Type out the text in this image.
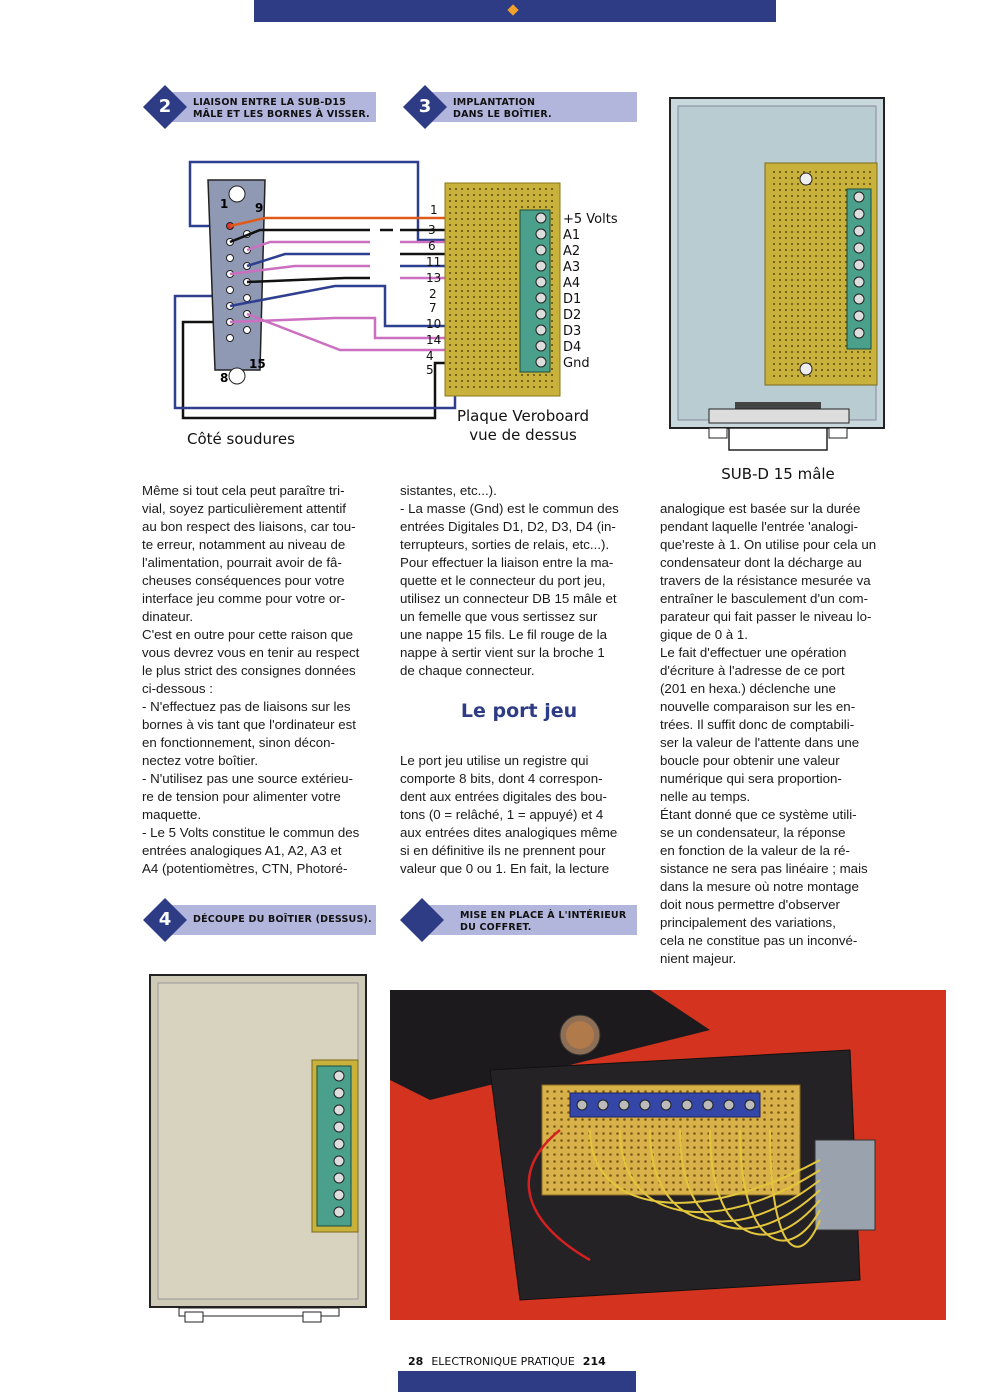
2	LIAISON ENTRE LA SUB-D15
MÂLE ET LES BORNES À VISSER.	3	IMPLANTATION
DANS LE BOÎTIER.
1 9
8
15
1
3
6
11
13
2
7
10
14
4
5
+5 Volts
A1
A2
A3
A4
D1
D2
D3
D4
Gnd
Côté soudures
Plaque Veroboard
vue de dessus
SUB-D 15 mâle

Même si tout cela peut paraître tri-

vial, soyez particulièrement attentif

au bon respect des liaisons, car tou-

te erreur, notamment au niveau de

l'alimentation, pourrait avoir de fâ-

cheuses conséquences pour votre

interface jeu comme pour votre or-

dinateur.

C'est en outre pour cette raison que

vous devrez vous en tenir au respect

le plus strict des consignes données

ci-dessous :

- N'effectuez pas de liaisons sur les

bornes à vis tant que l'ordinateur est

en fonctionnement, sinon décon-

nectez votre boîtier.

- N'utilisez pas une source extérieu-

re de tension pour alimenter votre

maquette.

- Le 5 Volts constitue le commun des

entrées analogiques A1, A2, A3 et

A4 (potentiomètres, CTN, Photoré-

sistantes, etc...).

- La masse (Gnd) est le commun des

entrées Digitales D1, D2, D3, D4 (in-

terrupteurs, sorties de relais, etc...).

Pour effectuer la liaison entre la ma-

quette et le connecteur du port jeu,

utilisez un connecteur DB 15 mâle et

un femelle que vous sertissez sur

une nappe 15 fils. Le fil rouge de la

nappe à sertir vient sur la broche 1

de chaque connecteur.

Le port jeu

Le port jeu utilise un registre qui

comporte 8 bits, dont 4 correspon-

dent aux entrées digitales des bou-

tons (0 = relâché, 1 = appuyé) et 4

aux entrées dites analogiques même

si en définitive ils ne prennent pour

valeur que 0 ou 1. En fait, la lecture

analogique est basée sur la durée

pendant laquelle l'entrée 'analogi-

que'reste à 1. On utilise pour cela un

condensateur dont la décharge au

travers de la résistance mesurée va

entraîner le basculement d'un com-

parateur qui fait passer le niveau lo-

gique de 0 à 1.

Le fait d'effectuer une opération

d'écriture à l'adresse de ce port

(201 en hexa.) déclenche une

nouvelle comparaison sur les en-

trées. Il suffit donc de comptabili-

ser la valeur de l'attente dans une

boucle pour obtenir une valeur

numérique qui sera proportion-

nelle au temps.

Étant donné que ce système utili-

se un condensateur, la réponse

en fonction de la valeur de la ré-

sistance ne sera pas linéaire ; mais

dans la mesure où notre montage

doit nous permettre d'observer

principalement des variations,

cela ne constitue pas un inconvé-

nient majeur.

4	DÉCOUPE DU BOÎTIER (DESSUS).	MISE EN PLACE À L'INTÉRIEUR
DU COFFRET.
28 ELECTRONIQUE PRATIQUE 214
